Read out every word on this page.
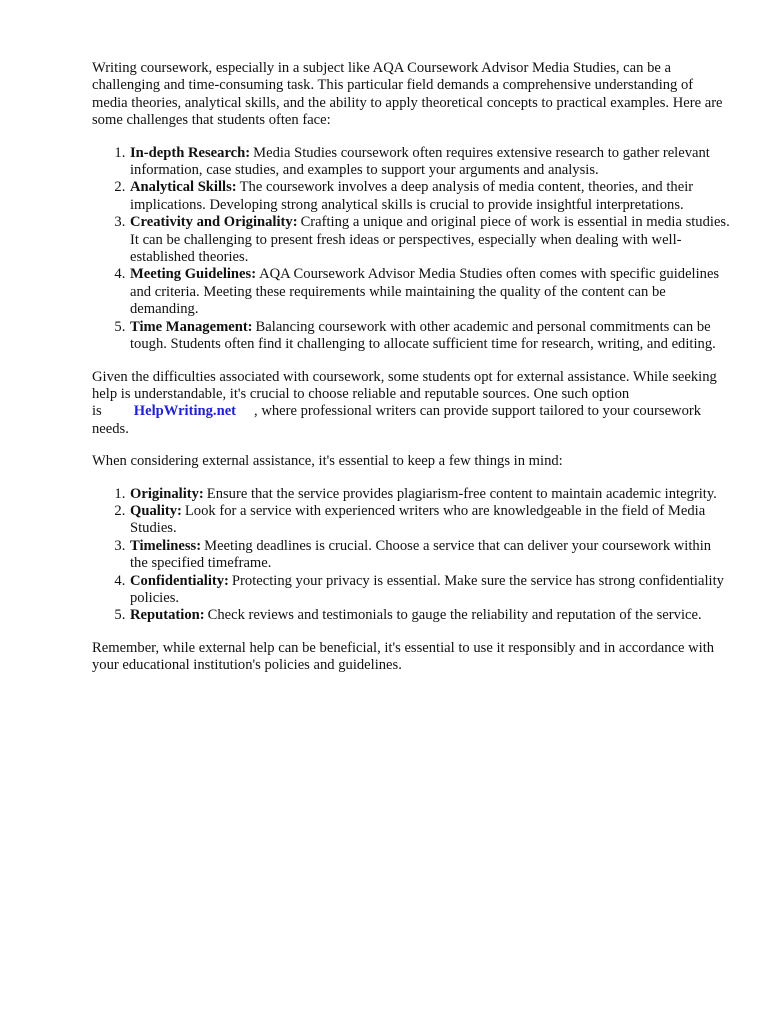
Writing coursework, especially in a subject like AQA Coursework Advisor Media Studies, can be a challenging and time-consuming task. This particular field demands a comprehensive understanding of media theories, analytical skills, and the ability to apply theoretical concepts to practical examples. Here are some challenges that students often face:

1. In-depth Research: Media Studies coursework often requires extensive research to gather relevant information, case studies, and examples to support your arguments and analysis.
2. Analytical Skills: The coursework involves a deep analysis of media content, theories, and their implications. Developing strong analytical skills is crucial to provide insightful interpretations.
3. Creativity and Originality: Crafting a unique and original piece of work is essential in media studies. It can be challenging to present fresh ideas or perspectives, especially when dealing with well-established theories.
4. Meeting Guidelines: AQA Coursework Advisor Media Studies often comes with specific guidelines and criteria. Meeting these requirements while maintaining the quality of the content can be demanding.
5. Time Management: Balancing coursework with other academic and personal commitments can be tough. Students often find it challenging to allocate sufficient time for research, writing, and editing.

Given the difficulties associated with coursework, some students opt for external assistance. While seeking help is understandable, it's crucial to choose reliable and reputable sources. One such option is HelpWriting.net , where professional writers can provide support tailored to your coursework needs.

When considering external assistance, it's essential to keep a few things in mind:

1. Originality: Ensure that the service provides plagiarism-free content to maintain academic integrity.
2. Quality: Look for a service with experienced writers who are knowledgeable in the field of Media Studies.
3. Timeliness: Meeting deadlines is crucial. Choose a service that can deliver your coursework within the specified timeframe.
4. Confidentiality: Protecting your privacy is essential. Make sure the service has strong confidentiality policies.
5. Reputation: Check reviews and testimonials to gauge the reliability and reputation of the service.

Remember, while external help can be beneficial, it's essential to use it responsibly and in accordance with your educational institution's policies and guidelines.
